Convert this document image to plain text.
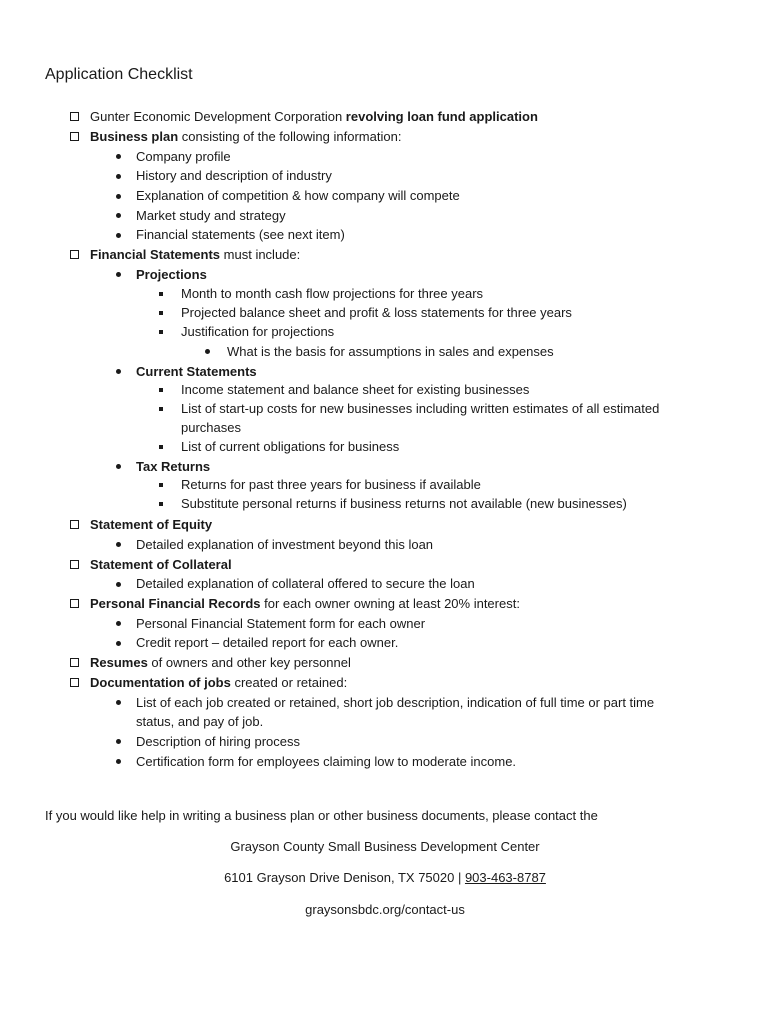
Application Checklist
Gunter Economic Development Corporation revolving loan fund application
Business plan consisting of the following information:
Company profile
History and description of industry
Explanation of competition & how company will compete
Market study and strategy
Financial statements (see next item)
Financial Statements must include:
Projections
Month to month cash flow projections for three years
Projected balance sheet and profit & loss statements for three years
Justification for projections
What is the basis for assumptions in sales and expenses
Current Statements
Income statement and balance sheet for existing businesses
List of start-up costs for new businesses including written estimates of all estimated
purchases
List of current obligations for business
Tax Returns
Returns for past three years for business if available
Substitute personal returns if business returns not available (new businesses)
Statement of Equity
Detailed explanation of investment beyond this loan
Statement of Collateral
Detailed explanation of collateral offered to secure the loan
Personal Financial Records for each owner owning at least 20% interest:
Personal Financial Statement form for each owner
Credit report – detailed report for each owner.
Resumes of owners and other key personnel
Documentation of jobs created or retained:
List of each job created or retained, short job description, indication of full time or part time
status, and pay of job.
Description of hiring process
Certification form for employees claiming low to moderate income.
If you would like help in writing a business plan or other business documents, please contact the
Grayson County Small Business Development Center
6101 Grayson Drive Denison, TX 75020 | 903-463-8787
graysonsbdc.org/contact-us
